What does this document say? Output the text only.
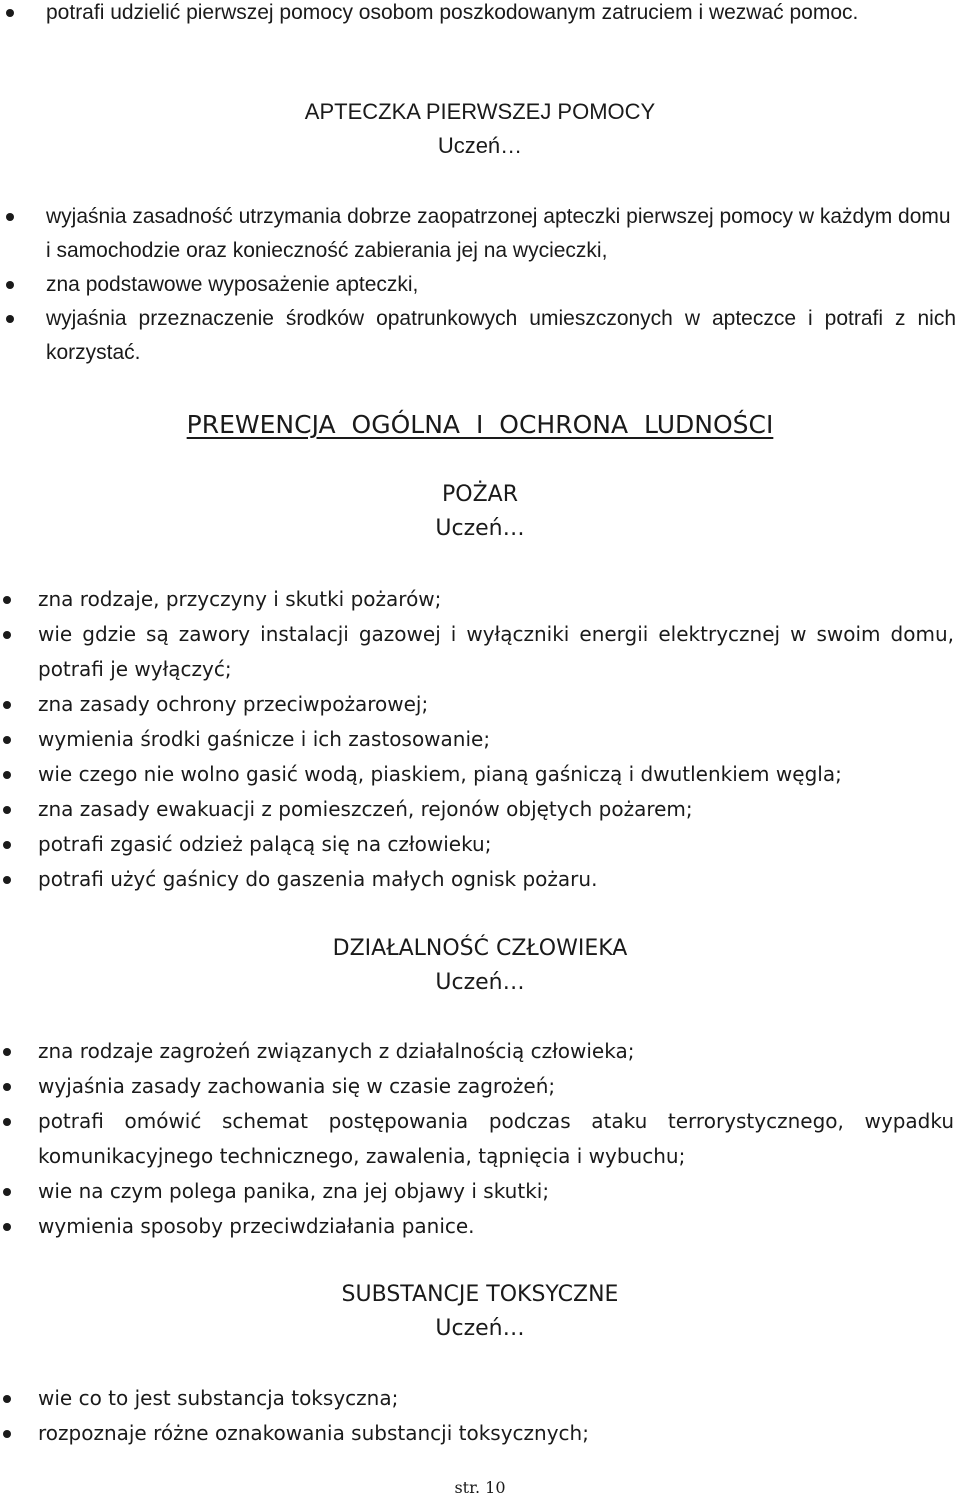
potrafi udzielić pierwszej pomocy osobom poszkodowanym zatruciem i wezwać pomoc.
APTECZKA PIERWSZEJ POMOCY
Uczeń…
wyjaśnia zasadność utrzymania dobrze zaopatrzonej apteczki pierwszej pomocy w każdym domu i samochodzie oraz konieczność zabierania jej na wycieczki,
zna podstawowe wyposażenie apteczki,
wyjaśnia przeznaczenie środków opatrunkowych umieszczonych w apteczce i potrafi z nich korzystać.
PREWENCJA OGÓLNA I OCHRONA LUDNOŚCI
POŻAR
Uczeń…
zna rodzaje, przyczyny i skutki pożarów;
wie gdzie są zawory instalacji gazowej i wyłączniki energii elektrycznej w swoim domu, potrafi je wyłączyć;
zna zasady ochrony przeciwpożarowej;
wymienia środki gaśnicze i ich zastosowanie;
wie czego nie wolno gasić wodą, piaskiem, pianą gaśniczą i dwutlenkiem węgla;
zna zasady ewakuacji z pomieszczeń, rejonów objętych pożarem;
potrafi zgasić odzież palącą się na człowieku;
potrafi użyć gaśnicy do gaszenia małych ognisk pożaru.
DZIAŁALNOŚĆ CZŁOWIEKA
Uczeń…
zna rodzaje zagrożeń związanych z działalnością człowieka;
wyjaśnia zasady zachowania się w czasie zagrożeń;
potrafi omówić schemat postępowania podczas ataku terrorystycznego, wypadku komunikacyjnego technicznego, zawalenia, tąpnięcia i wybuchu;
wie na czym polega panika, zna jej objawy i skutki;
wymienia sposoby przeciwdziałania panice.
SUBSTANCJE TOKSYCZNE
Uczeń…
wie co to jest substancja toksyczna;
rozpoznaje różne oznakowania substancji toksycznych;
str. 10
